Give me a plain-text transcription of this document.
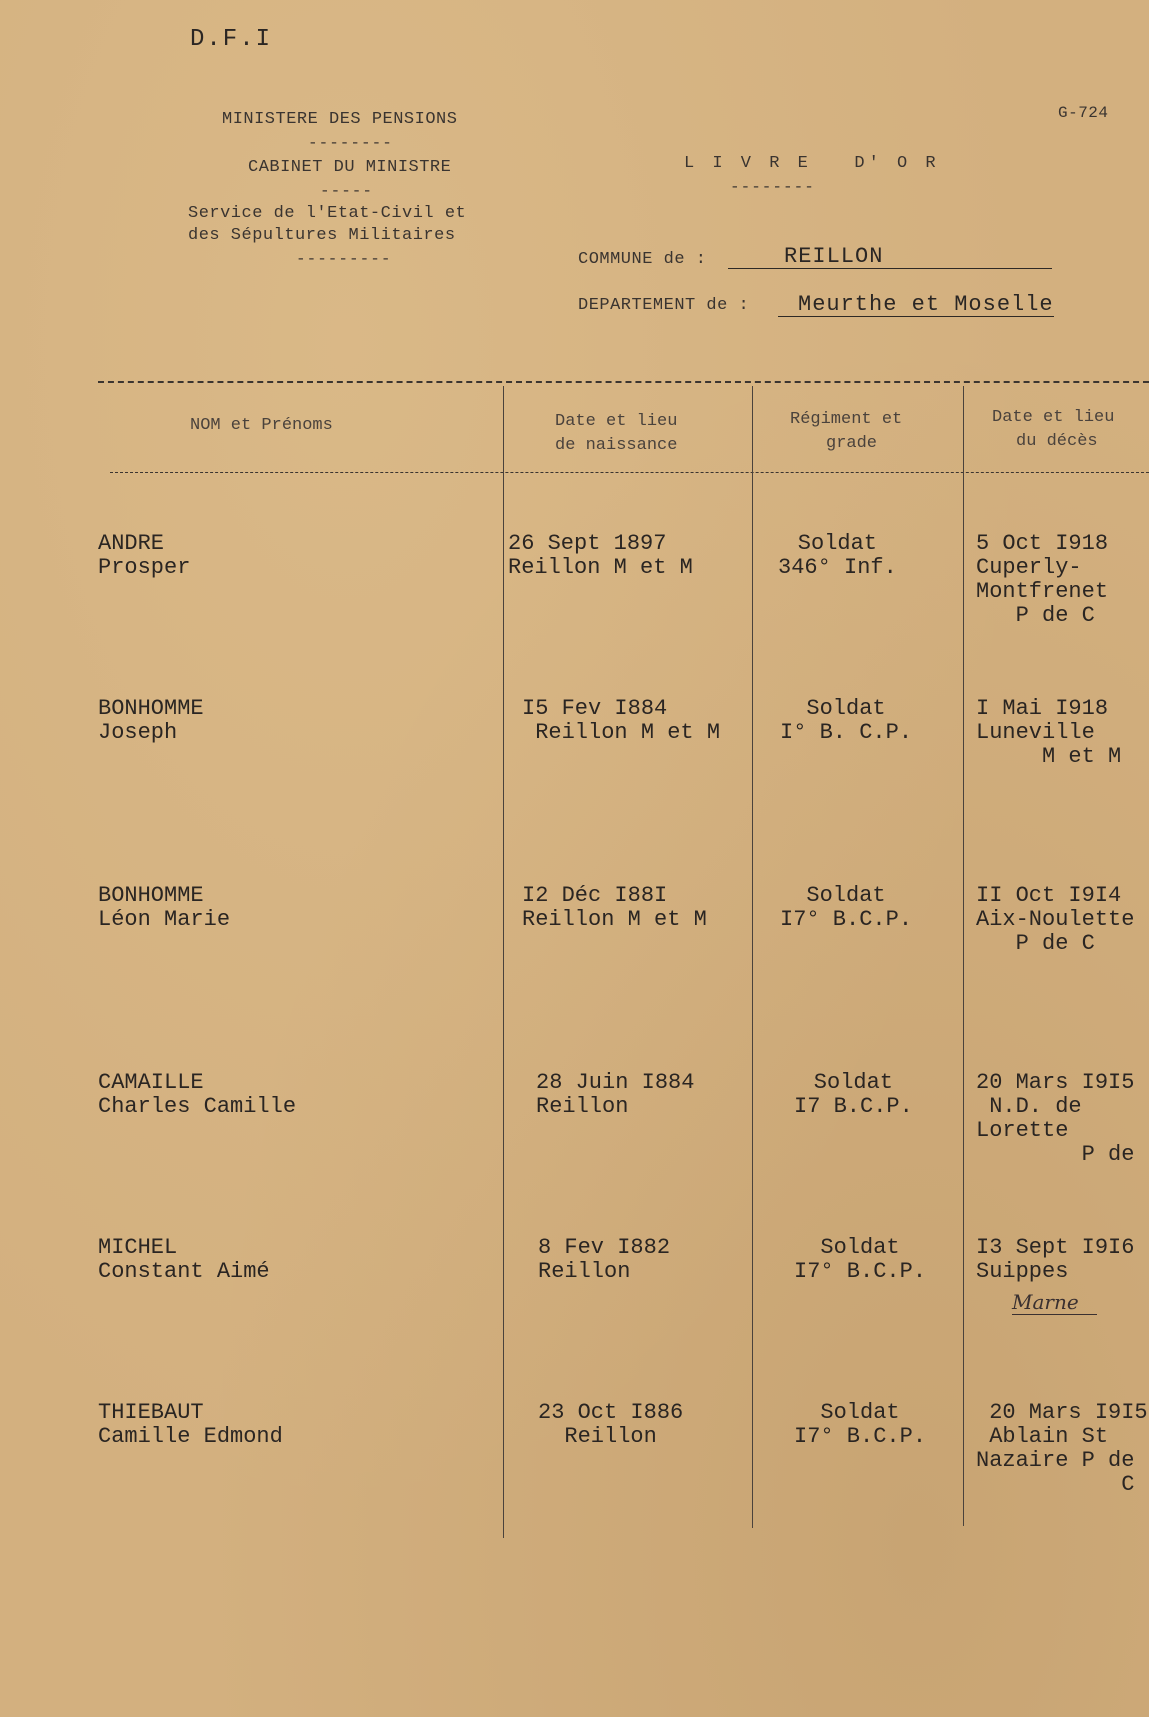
D.F.I
G-724
MINISTERE DES PENSIONS
--------
CABINET DU MINISTRE
-----
Service de l'Etat-Civil et
des Sépultures Militaires
---------
L I V R E   D' O R
--------
COMMUNE de :	REILLON
DEPARTEMENT de : Meurthe et Moselle
NOM et Prénoms	Date et lieu
de naissance
Régiment et
grade
Date et lieu
du décès
ANDRE
Prosper
26 Sept 1897
Reillon M et M
Soldat
346° Inf.
5 Oct I918
Cuperly-
Montfrenet
P de C
BONHOMME
Joseph
I5 Fev I884
Reillon M et M
Soldat
I° B. C.P.
I Mai I918
Luneville
M et M
BONHOMME
Léon Marie
I2 Déc I88I
Reillon M et M
Soldat
I7° B.C.P.
II Oct I9I4
Aix-Noulette
P de C
CAMAILLE
Charles Camille
28 Juin I884
Reillon
Soldat
I7 B.C.P.
20 Mars I9I5
N.D. de
Lorette
P de
MICHEL
Constant Aimé
8 Fev I882
Reillon
Soldat
I7° B.C.P.
I3 Sept I9I6
Suippes
Marne
THIEBAUT
Camille Edmond
23 Oct I886
Reillon
Soldat
I7° B.C.P.
20 Mars I9I5
Ablain St
Nazaire P de
C
